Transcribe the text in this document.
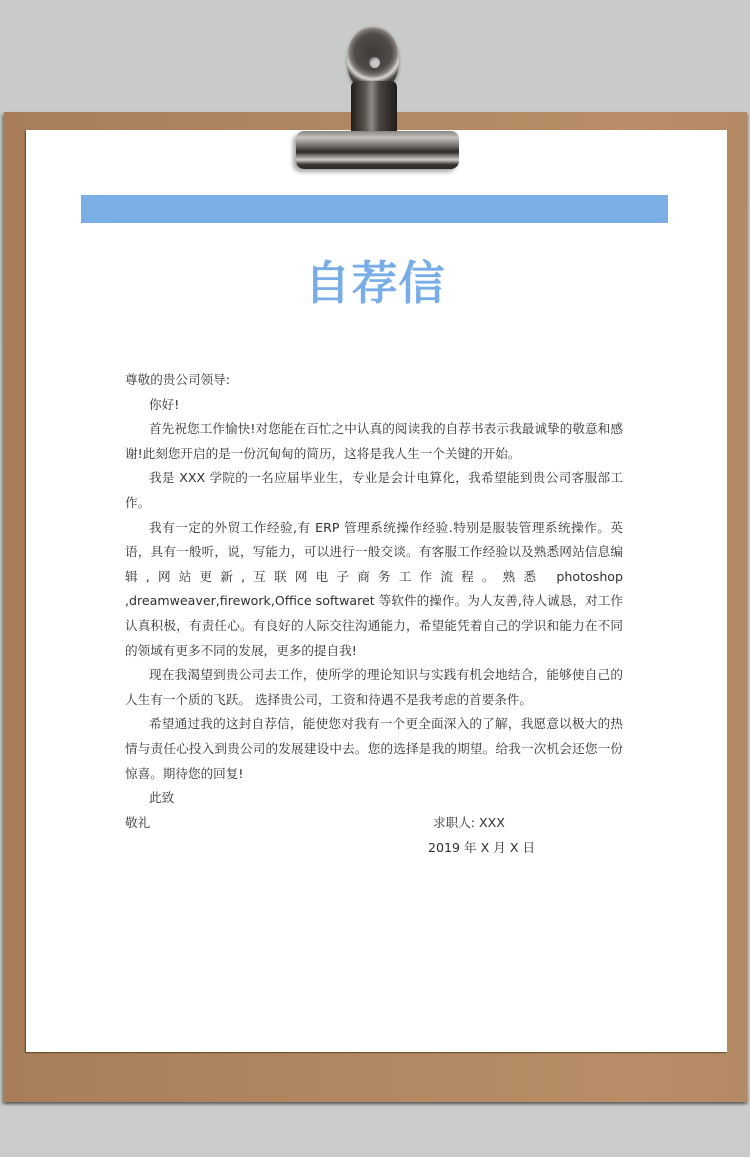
自荐信

尊敬的贵公司领导:

你好!

首先祝您工作愉快!对您能在百忙之中认真的阅读我的自荐书表示我最诚挚的敬意和感谢!此刻您开启的是一份沉甸甸的简历，这将是我人生一个关键的开始。

我是 XXX 学院的一名应届毕业生，专业是会计电算化，我希望能到贵公司客服部工作。

我有一定的外贸工作经验,有 ERP 管理系统操作经验.特别是服装管理系统操作。英语，具有一般听，说，写能力，可以进行一般交谈。有客服工作经验以及熟悉网站信息编辑,网站更新,互联网电子商务工作流程。熟悉 photoshop ,dreamweaver,firework,Office softwaret 等软件的操作。为人友善,待人诚恳，对工作认真积极，有责任心。有良好的人际交往沟通能力，希望能凭着自己的学识和能力在不同的领域有更多不同的发展，更多的提自我!

现在我渴望到贵公司去工作，使所学的理论知识与实践有机会地结合，能够使自己的人生有一个质的飞跃。 选择贵公司，工资和待遇不是我考虑的首要条件。

希望通过我的这封自荐信，能使您对我有一个更全面深入的了解，我愿意以极大的热情与责任心投入到贵公司的发展建设中去。您的选择是我的期望。给我一次机会还您一份惊喜。期待您的回复!

此致

敬礼	求职人: XXX
2019 年 X 月 X 日
